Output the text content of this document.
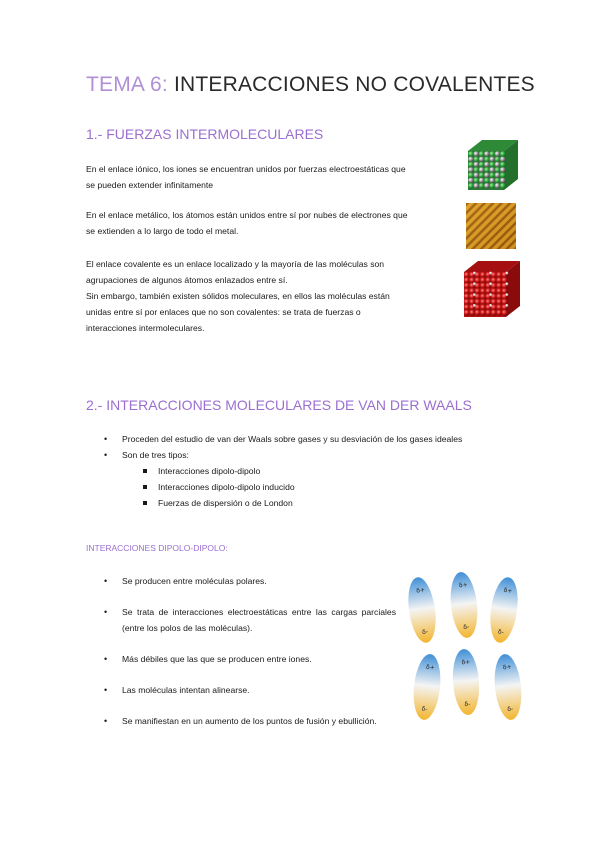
TEMA 6: INTERACCIONES NO COVALENTES
1.- FUERZAS INTERMOLECULARES
En el enlace iónico, los iones se encuentran unidos por fuerzas electroestáticas que
se pueden extender infinitamente
En el enlace metálico, los átomos están unidos entre sí por nubes de electrones que
se extienden a lo largo de todo el metal.
El enlace covalente es un enlace localizado y la mayoría de las moléculas son
agrupaciones de algunos átomos enlazados entre sí.
Sin embargo, también existen sólidos moleculares, en ellos las moléculas están
unidas entre sí por enlaces que no son covalentes: se trata de fuerzas o
interacciones intermoleculares.
2.- INTERACCIONES MOLECULARES DE VAN DER WAALS
• Proceden del estudio de van der Waals sobre gases y su desviación de los gases ideales
• Son de tres tipos:
Interacciones dipolo-dipolo
Interacciones dipolo-dipolo inducido
Fuerzas de dispersión o de London
INTERACCIONES DIPOLO-DIPOLO:
• Se producen entre moléculas polares.
• Se trata de interacciones electroestáticas entre las cargas parciales (entre los polos de las moléculas).
• Más débiles que las que se producen entre iones.
• Las moléculas intentan alinearse.
• Se manifiestan en un aumento de los puntos de fusión y ebullición.
δ+
δ-
δ+
δ-
δ+
δ-
δ+
δ-
δ+
δ-
δ+
δ-
